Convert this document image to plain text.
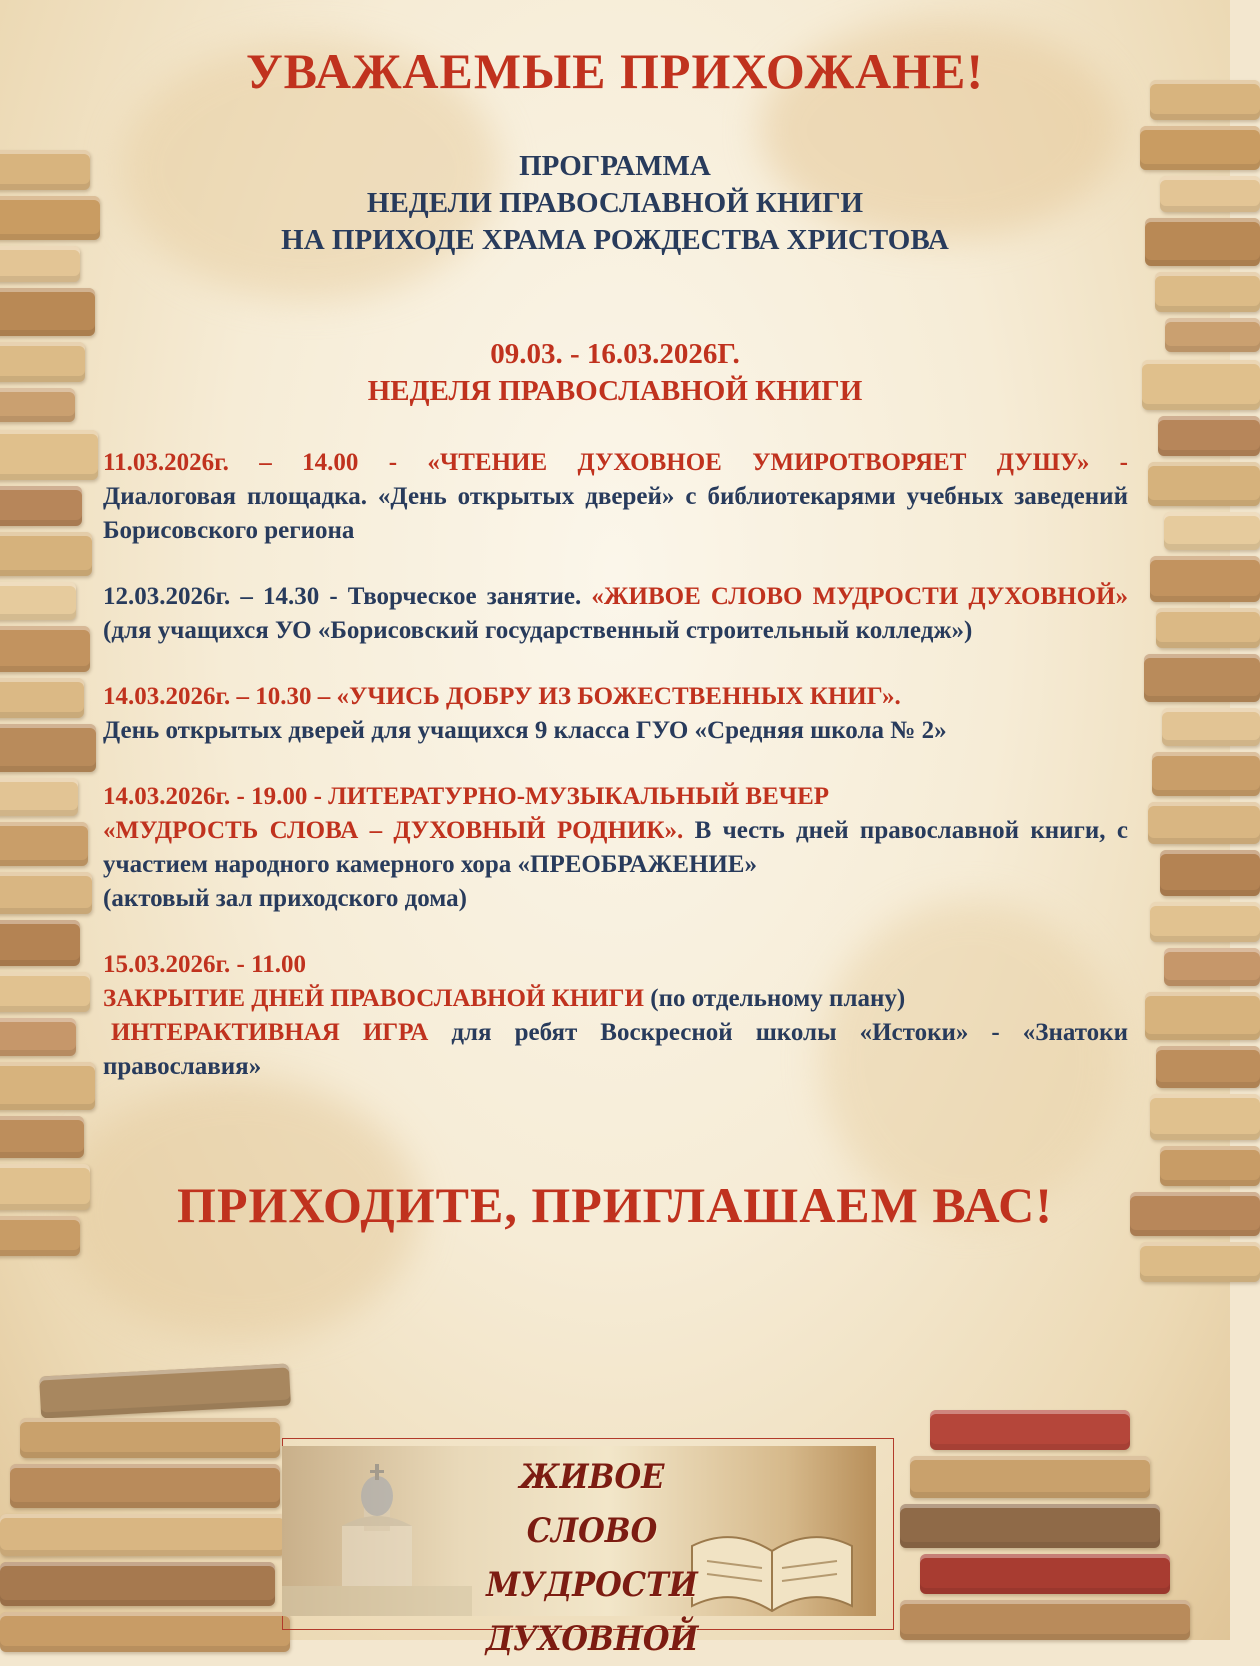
УВАЖАЕМЫЕ ПРИХОЖАНЕ!
ПРОГРАММА
НЕДЕЛИ ПРАВОСЛАВНОЙ КНИГИ
НА ПРИХОДЕ ХРАМА РОЖДЕСТВА ХРИСТОВА
09.03. - 16.03.2026Г.
НЕДЕЛЯ ПРАВОСЛАВНОЙ КНИГИ
11.03.2026г. – 14.00 - «ЧТЕНИЕ ДУХОВНОЕ УМИРОТВОРЯЕТ ДУШУ» -
Диалоговая площадка. «День открытых дверей» с библиотекарями учебных заведений Борисовского региона
12.03.2026г. – 14.30 - Творческое занятие. «ЖИВОЕ СЛОВО МУДРОСТИ ДУХОВНОЙ» (для учащихся УО «Борисовский государственный строительный колледж»)
14.03.2026г. – 10.30 – «УЧИСЬ ДОБРУ ИЗ БОЖЕСТВЕННЫХ КНИГ».
День открытых дверей для учащихся 9 класса ГУО «Средняя школа № 2»
14.03.2026г. - 19.00 - ЛИТЕРАТУРНО-МУЗЫКАЛЬНЫЙ ВЕЧЕР
«МУДРОСТЬ СЛОВА – ДУХОВНЫЙ РОДНИК». В честь дней православной книги, с участием народного камерного хора «ПРЕОБРАЖЕНИЕ»
(актовый зал приходского дома)
15.03.2026г. - 11.00
ЗАКРЫТИЕ ДНЕЙ ПРАВОСЛАВНОЙ КНИГИ (по отдельному плану)
ИНТЕРАКТИВНАЯ ИГРА для ребят Воскресной школы «Истоки» - «Знатоки православия»
ПРИХОДИТЕ, ПРИГЛАШАЕМ ВАС!
ЖИВОЕ СЛОВО
МУДРОСТИ
ДУХОВНОЙ
